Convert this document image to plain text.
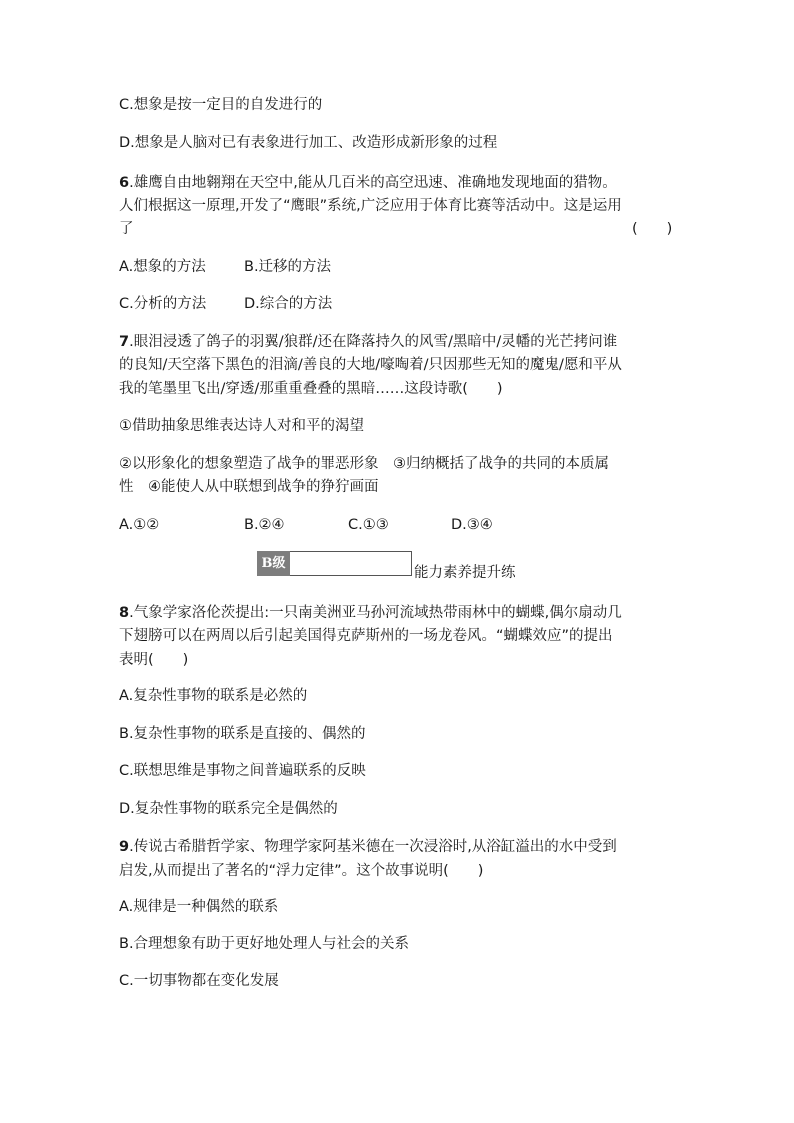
C.想象是按一定目的自发进行的
D.想象是人脑对已有表象进行加工、改造形成新形象的过程
6.雄鹰自由地翱翔在天空中,能从几百米的高空迅速、准确地发现地面的猎物。
人们根据这一原理,开发了“鹰眼”系统,广泛应用于体育比赛等活动中。这是运用
了	(　　)
A.想象的方法	B.迁移的方法
C.分析的方法	D.综合的方法
7.眼泪浸透了鸽子的羽翼/狼群/还在降落持久的风雪/黑暗中/灵幡的光芒拷问谁
的良知/天空落下黑色的泪滴/善良的大地/嚎啕着/只因那些无知的魔鬼/愿和平从
我的笔墨里飞出/穿透/那重重叠叠的黑暗……这段诗歌(　　)
①借助抽象思维表达诗人对和平的渴望
②以形象化的想象塑造了战争的罪恶形象　③归纳概括了战争的共同的本质属
性　④能使人从中联想到战争的狰狞画面
A.①②	B.②④	C.①③	D.③④
B级
能力素养提升练
8.气象学家洛伦茨提出:一只南美洲亚马孙河流域热带雨林中的蝴蝶,偶尔扇动几
下翅膀可以在两周以后引起美国得克萨斯州的一场龙卷风。“蝴蝶效应”的提出
表明(　　)
A.复杂性事物的联系是必然的
B.复杂性事物的联系是直接的、偶然的
C.联想思维是事物之间普遍联系的反映
D.复杂性事物的联系完全是偶然的
9.传说古希腊哲学家、物理学家阿基米德在一次浸浴时,从浴缸溢出的水中受到
启发,从而提出了著名的“浮力定律”。这个故事说明(　　)
A.规律是一种偶然的联系
B.合理想象有助于更好地处理人与社会的关系
C.一切事物都在变化发展
